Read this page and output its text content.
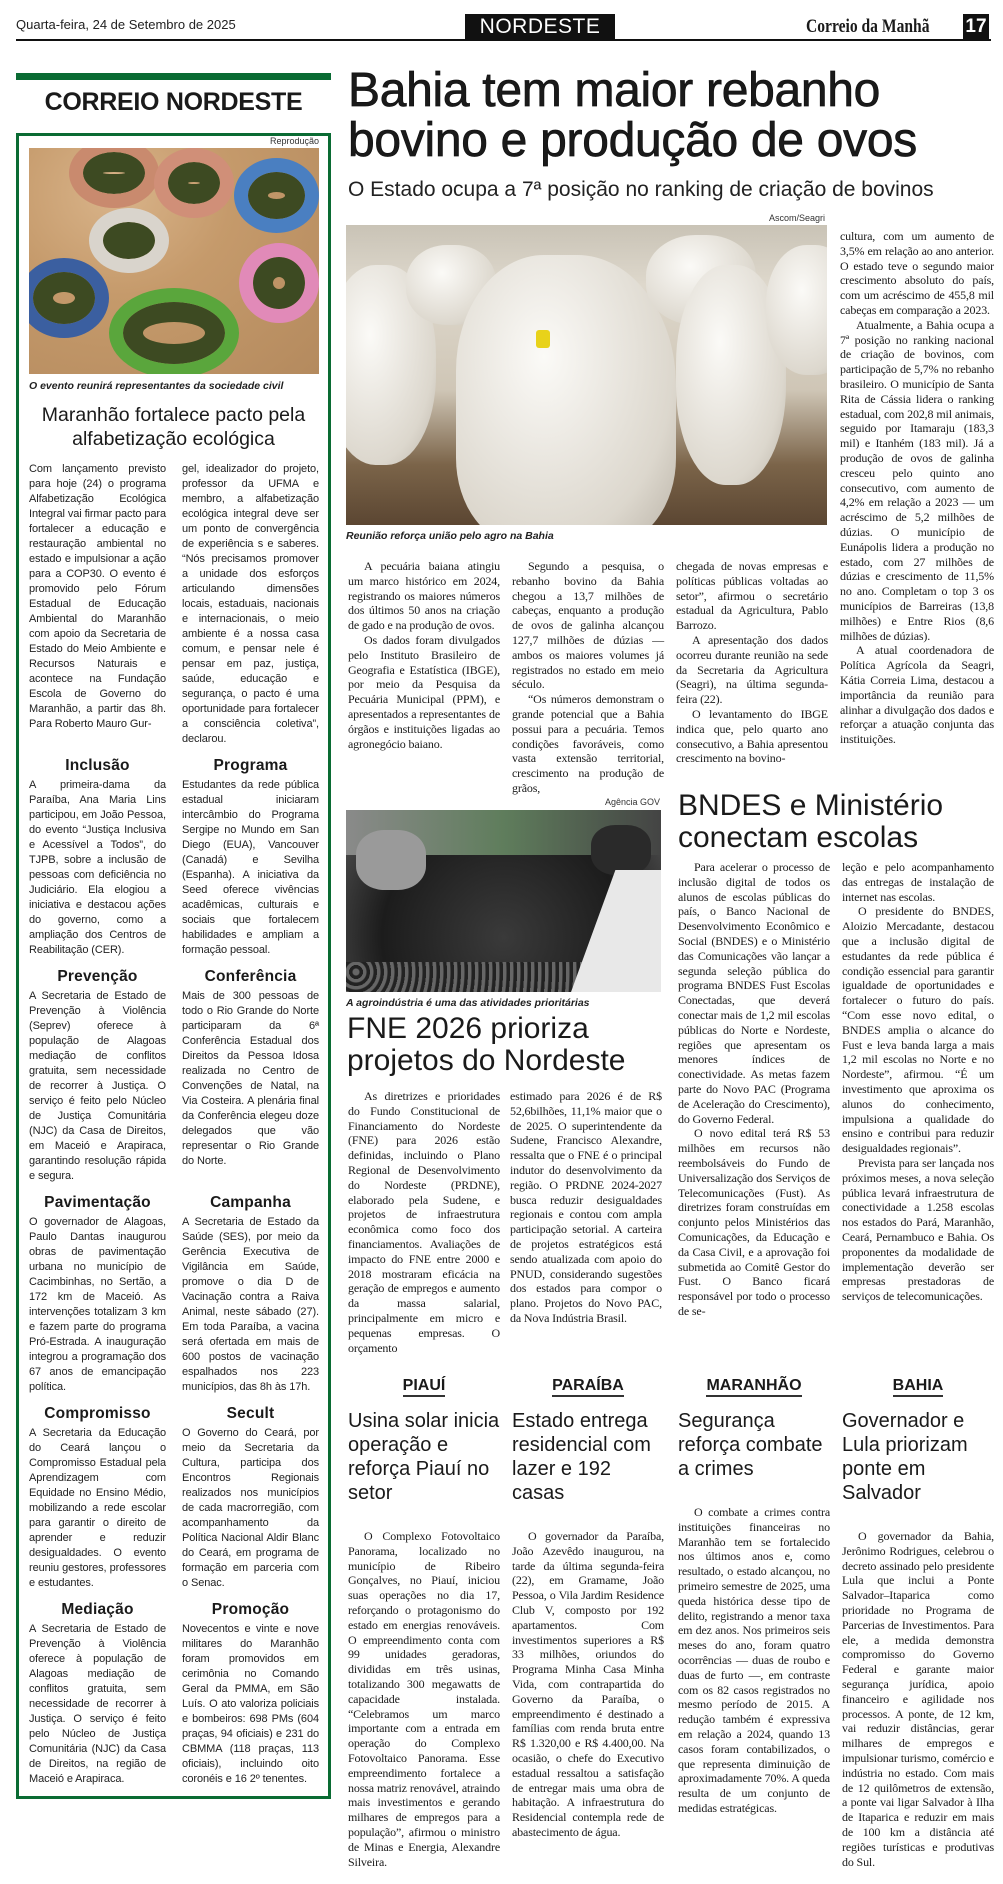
Quarta-feira, 24 de Setembro de 2025	NORDESTE	Correio da Manhã 17
CORREIO NORDESTE
Reprodução
O evento reunirá representantes da sociedade civil
Maranhão fortalece pacto pela alfabetização ecológica
Com lançamento previsto para hoje (24) o programa Alfabetização Ecológica Integral vai firmar pacto para fortalecer a educação e restauração ambiental no estado e impulsionar a ação para a COP30. O evento é promovido pelo Fórum Estadual de Educação Ambiental do Maranhão com apoio da Secretaria de Estado do Meio Ambiente e Recursos Naturais e acontece na Fundação Escola de Governo do Maranhão, a partir das 8h. Para Roberto Mauro Gur-
gel, idealizador do projeto, professor da UFMA e membro, a alfabetização ecológica integral deve ser um ponto de convergência de experiência s e saberes. “Nós precisamos promover a unidade dos esforços articulando dimensões locais, estaduais, nacionais e internacionais, o meio ambiente é a nossa casa comum, e pensar nele é pensar em paz, justiça, saúde, educação e segurança, o pacto é uma oportunidade para fortalecer a consciência coletiva”, declarou.
Inclusão
A primeira-dama da Paraíba, Ana Maria Lins participou, em João Pessoa, do evento “Justiça Inclusiva e Acessível a Todos”, do TJPB, sobre a inclusão de pessoas com deficiência no Judiciário. Ela elogiou a iniciativa e destacou ações do governo, como a ampliação dos Centros de Reabilitação (CER).
Programa
Estudantes da rede pública estadual iniciaram intercâmbio do Programa Sergipe no Mundo em San Diego (EUA), Vancouver (Canadá) e Sevilha (Espanha). A iniciativa da Seed oferece vivências acadêmicas, culturais e sociais que fortalecem habilidades e ampliam a formação pessoal.
Prevenção
A Secretaria de Estado de Prevenção à Violência (Seprev) oferece à população de Alagoas mediação de conflitos gratuita, sem necessidade de recorrer à Justiça. O serviço é feito pelo Núcleo de Justiça Comunitária (NJC) da Casa de Direitos, em Maceió e Arapiraca, garantindo resolução rápida e segura.
Conferência
Mais de 300 pessoas de todo o Rio Grande do Norte participaram da 6ª Conferência Estadual dos Direitos da Pessoa Idosa realizada no Centro de Convenções de Natal, na Via Costeira. A plenária final da Conferência elegeu doze delegados que vão representar o Rio Grande do Norte.
Pavimentação
O governador de Alagoas, Paulo Dantas inaugurou obras de pavimentação urbana no município de Cacimbinhas, no Sertão, a 172 km de Maceió. As intervenções totalizam 3 km e fazem parte do programa Pró-Estrada. A inauguração integrou a programação dos 67 anos de emancipação política.
Campanha
A Secretaria de Estado da Saúde (SES), por meio da Gerência Executiva de Vigilância em Saúde, promove o dia D de Vacinação contra a Raiva Animal, neste sábado (27). Em toda Paraíba, a vacina será ofertada em mais de 600 postos de vacinação espalhados nos 223 municípios, das 8h às 17h.
Compromisso
A Secretaria da Educação do Ceará lançou o Compromisso Estadual pela Aprendizagem com Equidade no Ensino Médio, mobilizando a rede escolar para garantir o direito de aprender e reduzir desigualdades. O evento reuniu gestores, professores e estudantes.
Secult
O Governo do Ceará, por meio da Secretaria da Cultura, participa dos Encontros Regionais realizados nos municípios de cada macrorregião, com acompanhamento da Política Nacional Aldir Blanc do Ceará, em programa de formação em parceria com o Senac.
Mediação
A Secretaria de Estado de Prevenção à Violência oferece à população de Alagoas mediação de conflitos gratuita, sem necessidade de recorrer à Justiça. O serviço é feito pelo Núcleo de Justiça Comunitária (NJC) da Casa de Direitos, na região de Maceió e Arapiraca.
Promoção
Novecentos e vinte e nove militares do Maranhão foram promovidos em cerimônia no Comando Geral da PMMA, em São Luís. O ato valoriza policiais e bombeiros: 698 PMs (604 praças, 94 oficiais) e 231 do CBMMA (118 praças, 113 oficiais), incluindo oito coronéis e 16 2º tenentes.
Bahia tem maior rebanho bovino e produção de ovos
O Estado ocupa a 7ª posição no ranking de criação de bovinos
Ascom/Seagri
Reunião reforça união pelo agro na Bahia

A pecuária baiana atingiu um marco histórico em 2024, registrando os maiores números dos últimos 50 anos na criação de gado e na produção de ovos.

Os dados foram divulgados pelo Instituto Brasileiro de Geografia e Estatística (IBGE), por meio da Pesquisa da Pecuária Municipal (PPM), e apresentados a representantes de órgãos e instituições ligadas ao agronegócio baiano.

Segundo a pesquisa, o rebanho bovino da Bahia chegou a 13,7 milhões de cabeças, enquanto a produção de ovos de galinha alcançou 127,7 milhões de dúzias — ambos os maiores volumes já registrados no estado em meio século.

“Os números demonstram o grande potencial que a Bahia possui para a pecuária. Temos condições favoráveis, como vasta extensão territorial, crescimento na produção de grãos,

chegada de novas empresas e políticas públicas voltadas ao setor”, afirmou o secretário estadual da Agricultura, Pablo Barrozo.

A apresentação dos dados ocorreu durante reunião na sede da Secretaria da Agricultura (Seagri), na última segunda-feira (22).

O levantamento do IBGE indica que, pelo quarto ano consecutivo, a Bahia apresentou crescimento na bovino-

cultura, com um aumento de 3,5% em relação ao ano anterior. O estado teve o segundo maior crescimento absoluto do país, com um acréscimo de 455,8 mil cabeças em comparação a 2023.

Atualmente, a Bahia ocupa a 7ª posição no ranking nacional de criação de bovinos, com participação de 5,7% no rebanho brasileiro. O município de Santa Rita de Cássia lidera o ranking estadual, com 202,8 mil animais, seguido por Itamaraju (183,3 mil) e Itanhém (183 mil). Já a produção de ovos de galinha cresceu pelo quinto ano consecutivo, com aumento de 4,2% em relação a 2023 — um acréscimo de 5,2 milhões de dúzias. O município de Eunápolis lidera a produção no estado, com 27 milhões de dúzias e crescimento de 11,5% no ano. Completam o top 3 os municípios de Barreiras (13,8 milhões) e Entre Rios (8,6 milhões de dúzias).

A atual coordenadora de Política Agrícola da Seagri, Kátia Correia Lima, destacou a importância da reunião para alinhar a divulgação dos dados e reforçar a atuação conjunta das instituições.

Agência GOV
A agroindústria é uma das atividades prioritárias
FNE 2026 prioriza projetos do Nordeste

As diretrizes e prioridades do Fundo Constitucional de Financiamento do Nordeste (FNE) para 2026 estão definidas, incluindo o Plano Regional de Desenvolvimento do Nordeste (PRDNE), elaborado pela Sudene, e projetos de infraestrutura econômica como foco dos financiamentos. Avaliações de impacto do FNE entre 2000 e 2018 mostraram eficácia na geração de empregos e aumento da massa salarial, principalmente em micro e pequenas empresas. O orçamento

estimado para 2026 é de R$ 52,6bilhões, 11,1% maior que o de 2025. O superintendente da Sudene, Francisco Alexandre, ressalta que o FNE é o principal indutor do desenvolvimento da região. O PRDNE 2024-2027 busca reduzir desigualdades regionais e contou com ampla participação setorial. A carteira de projetos estratégicos está sendo atualizada com apoio do PNUD, considerando sugestões dos estados para compor o plano. Projetos do Novo PAC, da Nova Indústria Brasil.

BNDES e Ministério conectam escolas

Para acelerar o processo de inclusão digital de todos os alunos de escolas públicas do país, o Banco Nacional de Desenvolvimento Econômico e Social (BNDES) e o Ministério das Comunicações vão lançar a segunda seleção pública do programa BNDES Fust Escolas Conectadas, que deverá conectar mais de 1,2 mil escolas públicas do Norte e Nordeste, regiões que apresentam os menores índices de conectividade. As metas fazem parte do Novo PAC (Programa de Aceleração do Crescimento), do Governo Federal.

O novo edital terá R$ 53 milhões em recursos não reembolsáveis do Fundo de Universalização dos Serviços de Telecomunicações (Fust). As diretrizes foram construídas em conjunto pelos Ministérios das Comunicações, da Educação e da Casa Civil, e a aprovação foi submetida ao Comitê Gestor do Fust. O Banco ficará responsável por todo o processo de se-

leção e pelo acompanhamento das entregas de instalação de internet nas escolas.

O presidente do BNDES, Aloizio Mercadante, destacou que a inclusão digital de estudantes da rede pública é condição essencial para garantir igualdade de oportunidades e fortalecer o futuro do país. “Com esse novo edital, o BNDES amplia o alcance do Fust e leva banda larga a mais 1,2 mil escolas no Norte e no Nordeste”, afirmou. “É um investimento que aproxima os alunos do conhecimento, impulsiona a qualidade do ensino e contribui para reduzir desigualdades regionais”.

Prevista para ser lançada nos próximos meses, a nova seleção pública levará infraestrutura de conectividade a 1.258 escolas nos estados do Pará, Maranhão, Ceará, Pernambuco e Bahia. Os proponentes da modalidade de implementação deverão ser empresas prestadoras de serviços de telecomunicações.

PIAUÍ
Usina solar inicia operação e reforça Piauí no setor

O Complexo Fotovoltaico Panorama, localizado no município de Ribeiro Gonçalves, no Piauí, iniciou suas operações no dia 17, reforçando o protagonismo do estado em energias renováveis. O empreendimento conta com 99 unidades geradoras, divididas em três usinas, totalizando 300 megawatts de capacidade instalada. “Celebramos um marco importante com a entrada em operação do Complexo Fotovoltaico Panorama. Esse empreendimento fortalece a nossa matriz renovável, atraindo mais investimentos e gerando milhares de empregos para a população”, afirmou o ministro de Minas e Energia, Alexandre Silveira.

PARAÍBA
Estado entrega residencial com lazer e 192 casas

O governador da Paraíba, João Azevêdo inaugurou, na tarde da última segunda-feira (22), em Gramame, João Pessoa, o Vila Jardim Residence Club V, composto por 192 apartamentos. Com investimentos superiores a R$ 33 milhões, oriundos do Programa Minha Casa Minha Vida, com contrapartida do Governo da Paraíba, o empreendimento é destinado a famílias com renda bruta entre R$ 1.320,00 e R$ 4.400,00. Na ocasião, o chefe do Executivo estadual ressaltou a satisfação de entregar mais uma obra de habitação. A infraestrutura do Residencial contempla rede de abastecimento de água.

MARANHÃO
Segurança reforça combate a crimes

O combate a crimes contra instituições financeiras no Maranhão tem se fortalecido nos últimos anos e, como resultado, o estado alcançou, no primeiro semestre de 2025, uma queda histórica desse tipo de delito, registrando a menor taxa em dez anos. Nos primeiros seis meses do ano, foram quatro ocorrências — duas de roubo e duas de furto —, em contraste com os 82 casos registrados no mesmo período de 2015. A redução também é expressiva em relação a 2024, quando 13 casos foram contabilizados, o que representa diminuição de aproximadamente 70%. A queda resulta de um conjunto de medidas estratégicas.

BAHIA
Governador e Lula priorizam ponte em Salvador

O governador da Bahia, Jerônimo Rodrigues, celebrou o decreto assinado pelo presidente Lula que inclui a Ponte Salvador–Itaparica como prioridade no Programa de Parcerias de Investimentos. Para ele, a medida demonstra compromisso do Governo Federal e garante maior segurança jurídica, apoio financeiro e agilidade nos processos. A ponte, de 12 km, vai reduzir distâncias, gerar milhares de empregos e impulsionar turismo, comércio e indústria no estado. Com mais de 12 quilômetros de extensão, a ponte vai ligar Salvador à Ilha de Itaparica e reduzir em mais de 100 km a distância até regiões turísticas e produtivas do Sul.
